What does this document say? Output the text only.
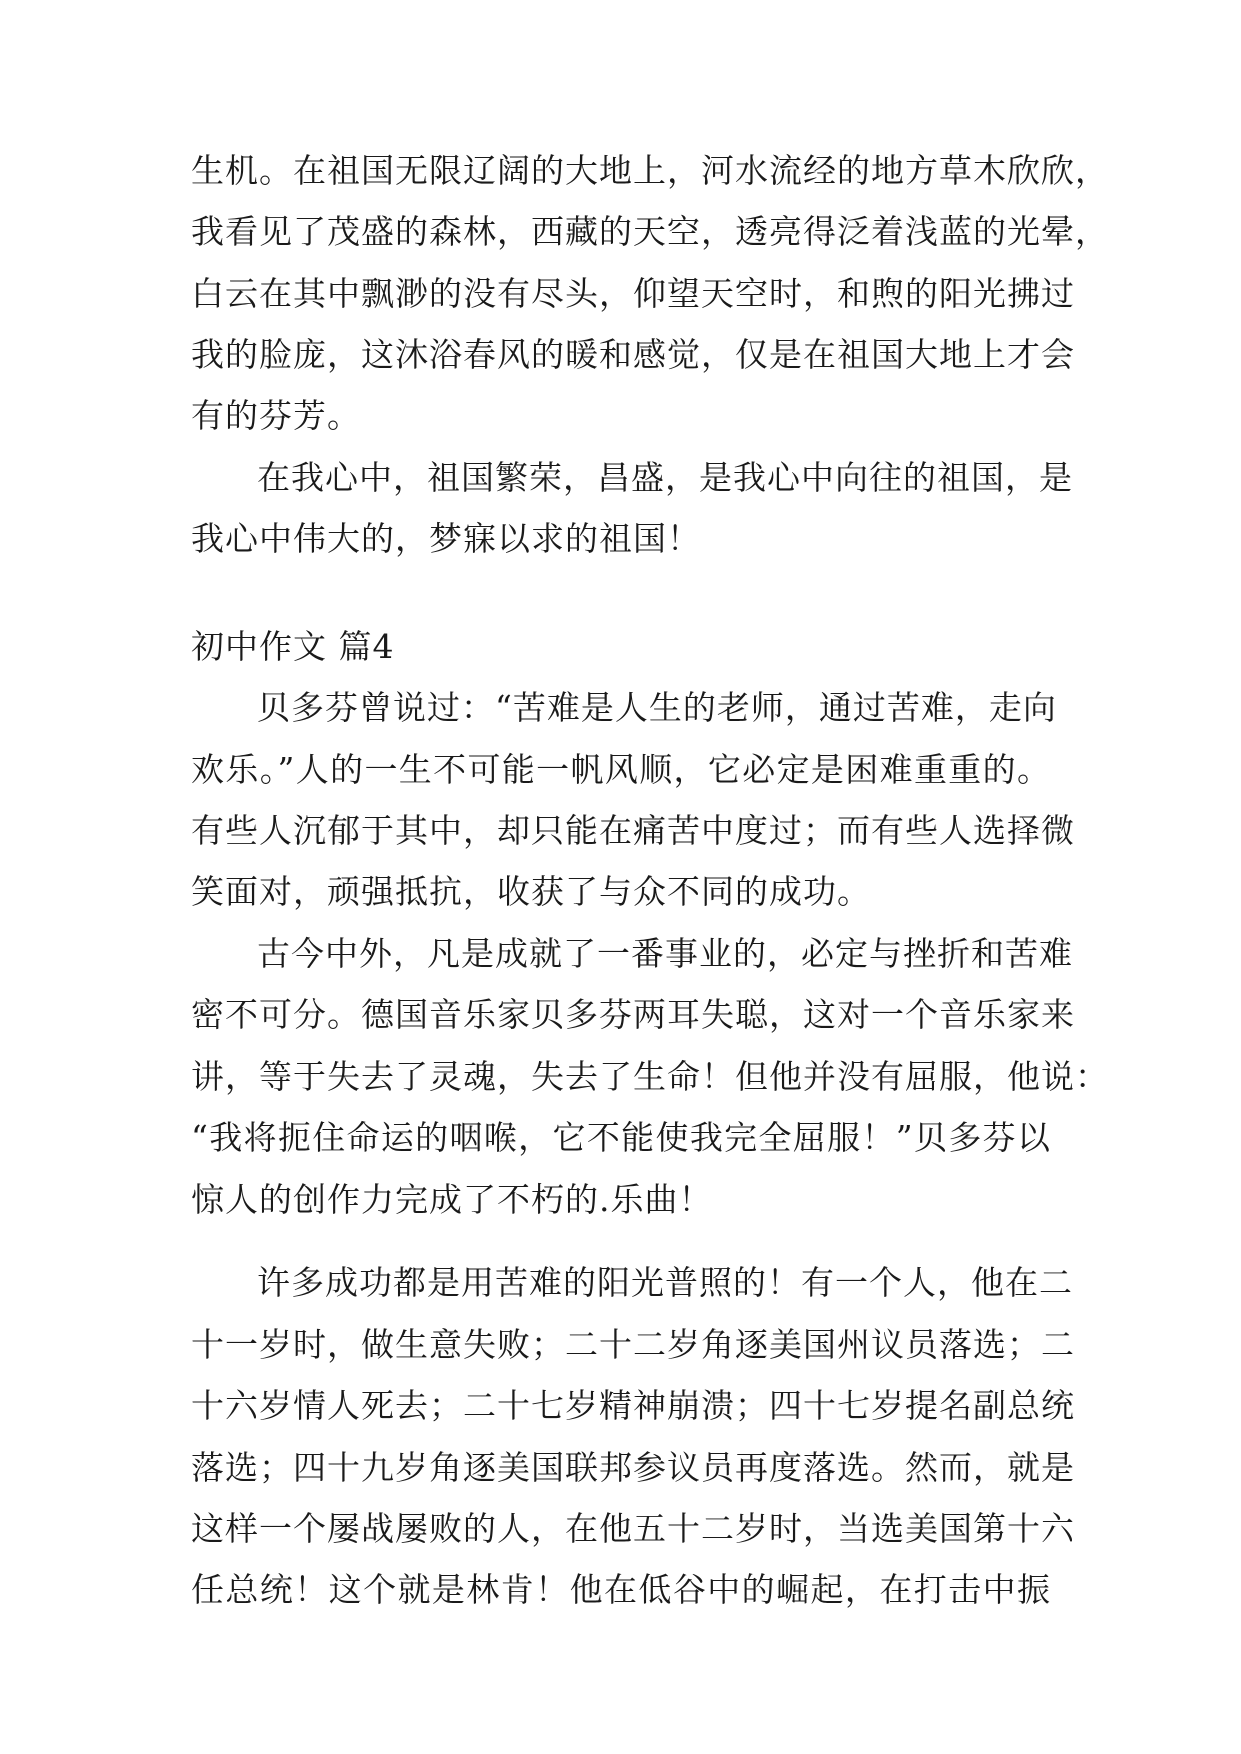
生机。在祖国无限辽阔的大地上，河水流经的地方草木欣欣，
我看见了茂盛的森林，西藏的天空，透亮得泛着浅蓝的光晕，
白云在其中飘渺的没有尽头，仰望天空时，和煦的阳光拂过
我的脸庞，这沐浴春风的暖和感觉，仅是在祖国大地上才会
有的芬芳。
在我心中，祖国繁荣，昌盛，是我心中向往的祖国，是
我心中伟大的，梦寐以求的祖国！
初中作文 篇4
贝多芬曾说过：“苦难是人生的老师，通过苦难，走向
欢乐。”人的一生不可能一帆风顺，它必定是困难重重的。
有些人沉郁于其中，却只能在痛苦中度过；而有些人选择微
笑面对，顽强抵抗，收获了与众不同的成功。
古今中外，凡是成就了一番事业的，必定与挫折和苦难
密不可分。德国音乐家贝多芬两耳失聪，这对一个音乐家来
讲，等于失去了灵魂，失去了生命！但他并没有屈服，他说：
“我将扼住命运的咽喉，它不能使我完全屈服！”贝多芬以
惊人的创作力完成了不朽的.乐曲！
许多成功都是用苦难的阳光普照的！有一个人，他在二
十一岁时，做生意失败；二十二岁角逐美国州议员落选；二
十六岁情人死去；二十七岁精神崩溃；四十七岁提名副总统
落选；四十九岁角逐美国联邦参议员再度落选。然而，就是
这样一个屡战屡败的人，在他五十二岁时，当选美国第十六
任总统！这个就是林肯！他在低谷中的崛起，在打击中振
